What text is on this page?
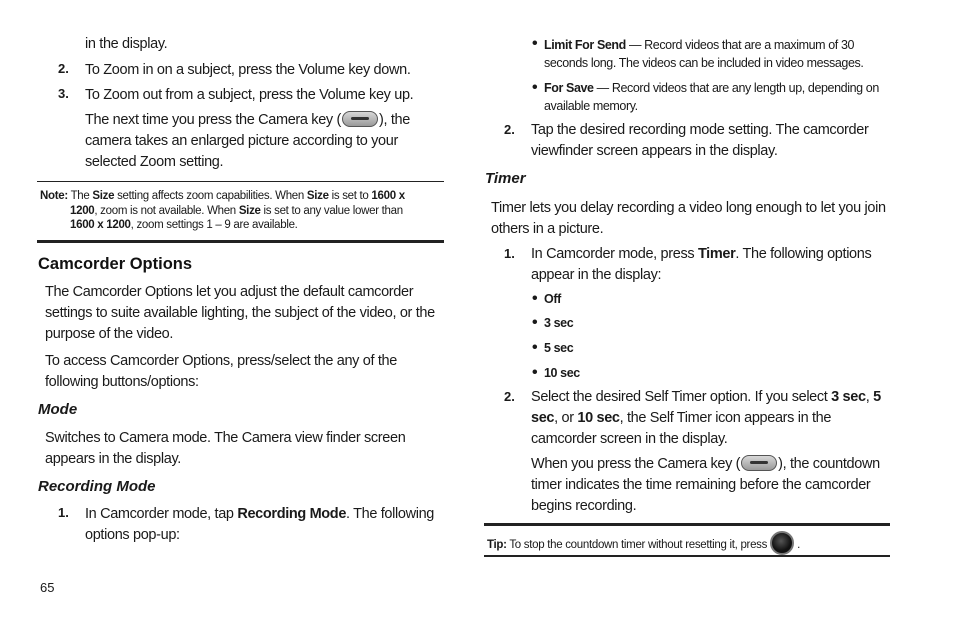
in the display.
2. To Zoom in on a subject, press the Volume key down.
3. To Zoom out from a subject, press the Volume key up.
The next time you press the Camera key (	), the
camera takes an enlarged picture according to your
selected Zoom setting.
Note: The Size setting affects zoom capabilities. When Size is set to 1600 x
1200, zoom is not available. When Size is set to any value lower than
1600 x 1200, zoom settings 1 – 9 are available.
Camcorder Options
The Camcorder Options let you adjust the default camcorder
settings to suite available lighting, the subject of the video, or the
purpose of the video.
To access Camcorder Options, press/select the any of the
following buttons/options:
Mode
Switches to Camera mode. The Camera view finder screen
appears in the display.
Recording Mode
1. In Camcorder mode, tap Recording Mode. The following
options pop-up:
65
• Limit For Send — Record videos that are a maximum of 30
seconds long. The videos can be included in video messages.
• For Save — Record videos that are any length up, depending on
available memory.
2. Tap the desired recording mode setting. The camcorder
viewfinder screen appears in the display.
Timer
Timer lets you delay recording a video long enough to let you join
others in a picture.
1. In Camcorder mode, press Timer. The following options
appear in the display:
• Off
• 3 sec
• 5 sec
• 10 sec
2. Select the desired Self Timer option. If you select 3 sec, 5
sec, or 10 sec, the Self Timer icon appears in the
camcorder screen in the display.
When you press the Camera key (	), the countdown
timer indicates the time remaining before the camcorder
begins recording.
Tip: To stop the countdown timer without resetting it, press	.
